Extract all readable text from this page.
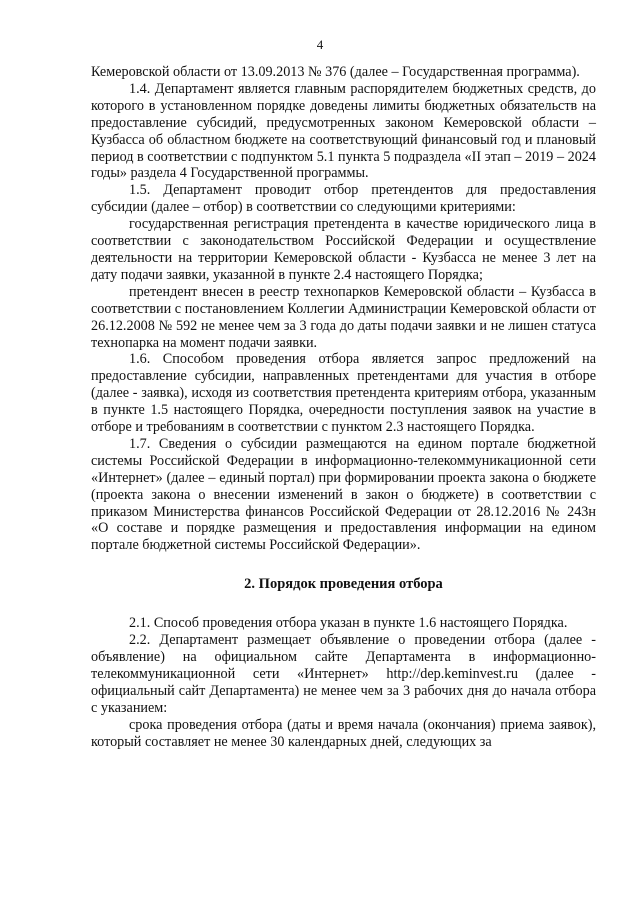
4

Кемеровской области от 13.09.2013 № 376 (далее – Государственная программа).

1.4. Департамент является главным распорядителем бюджетных средств, до которого в установленном порядке доведены лимиты бюджетных обязательств на предоставление субсидий, предусмотренных законом Кемеровской области – Кузбасса об областном бюджете на соответствующий финансовый год и плановый период в соответствии с подпунктом 5.1 пункта 5 подраздела «II этап – 2019 – 2024 годы» раздела 4 Государственной программы.

1.5. Департамент проводит отбор претендентов для предоставления субсидии (далее – отбор) в соответствии со следующими критериями:

государственная регистрация претендента в качестве юридического лица в соответствии с законодательством Российской Федерации и осуществление деятельности на территории Кемеровской области - Кузбасса не менее 3 лет на дату подачи заявки, указанной в пункте 2.4 настоящего Порядка;

претендент внесен в реестр технопарков Кемеровской области – Кузбасса в соответствии с постановлением Коллегии Администрации Кемеровской области от 26.12.2008 № 592 не менее чем за 3 года до даты подачи заявки и не лишен статуса технопарка на момент подачи заявки.

1.6. Способом проведения отбора является запрос предложений на предоставление субсидии, направленных претендентами для участия в отборе (далее - заявка), исходя из соответствия претендента критериям отбора, указанным в пункте 1.5 настоящего Порядка, очередности поступления заявок на участие в отборе и требованиям в соответствии с пунктом 2.3 настоящего Порядка.

1.7. Сведения о субсидии размещаются на едином портале бюджетной системы Российской Федерации в информационно-телекоммуникационной сети «Интернет» (далее – единый портал) при формировании проекта закона о бюджете (проекта закона о внесении изменений в закон о бюджете) в соответствии с приказом Министерства финансов Российской Федерации от 28.12.2016 № 243н «О составе и порядке размещения и предоставления информации на едином портале бюджетной системы Российской Федерации».

2. Порядок проведения отбора

2.1. Способ проведения отбора указан в пункте 1.6 настоящего Порядка.

2.2. Департамент размещает объявление о проведении отбора (далее - объявление) на официальном сайте Департамента в информационно-телекоммуникационной сети «Интернет» http://dep.keminvest.ru (далее - официальный сайт Департамента) не менее чем за 3 рабочих дня до начала отбора с указанием:

срока проведения отбора (даты и время начала (окончания) приема заявок), который составляет не менее 30 календарных дней, следующих за
